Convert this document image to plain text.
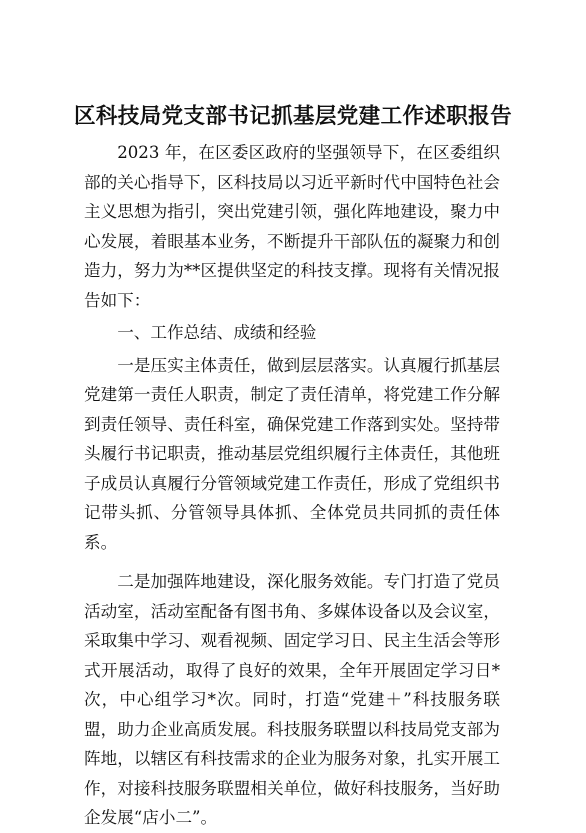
区科技局党支部书记抓基层党建工作述职报告

2023 年，在区委区政府的坚强领导下，在区委组织部的关心指导下，区科技局以习近平新时代中国特色社会主义思想为指引，突出党建引领，强化阵地建设，聚力中心发展，着眼基本业务，不断提升干部队伍的凝聚力和创造力，努力为**区提供坚定的科技支撑。现将有关情况报告如下：

一、工作总结、成绩和经验

一是压实主体责任，做到层层落实。认真履行抓基层党建第一责任人职责，制定了责任清单，将党建工作分解到责任领导、责任科室，确保党建工作落到实处。坚持带头履行书记职责，推动基层党组织履行主体责任，其他班子成员认真履行分管领域党建工作责任，形成了党组织书记带头抓、分管领导具体抓、全体党员共同抓的责任体系。

二是加强阵地建设，深化服务效能。专门打造了党员活动室，活动室配备有图书角、多媒体设备以及会议室，采取集中学习、观看视频、固定学习日、民主生活会等形式开展活动，取得了良好的效果，全年开展固定学习日*次，中心组学习*次。同时，打造“党建＋”科技服务联盟，助力企业高质发展。科技服务联盟以科技局党支部为阵地，以辖区有科技需求的企业为服务对象，扎实开展工作，对接科技服务联盟相关单位，做好科技服务，当好助企发展“店小二”。
